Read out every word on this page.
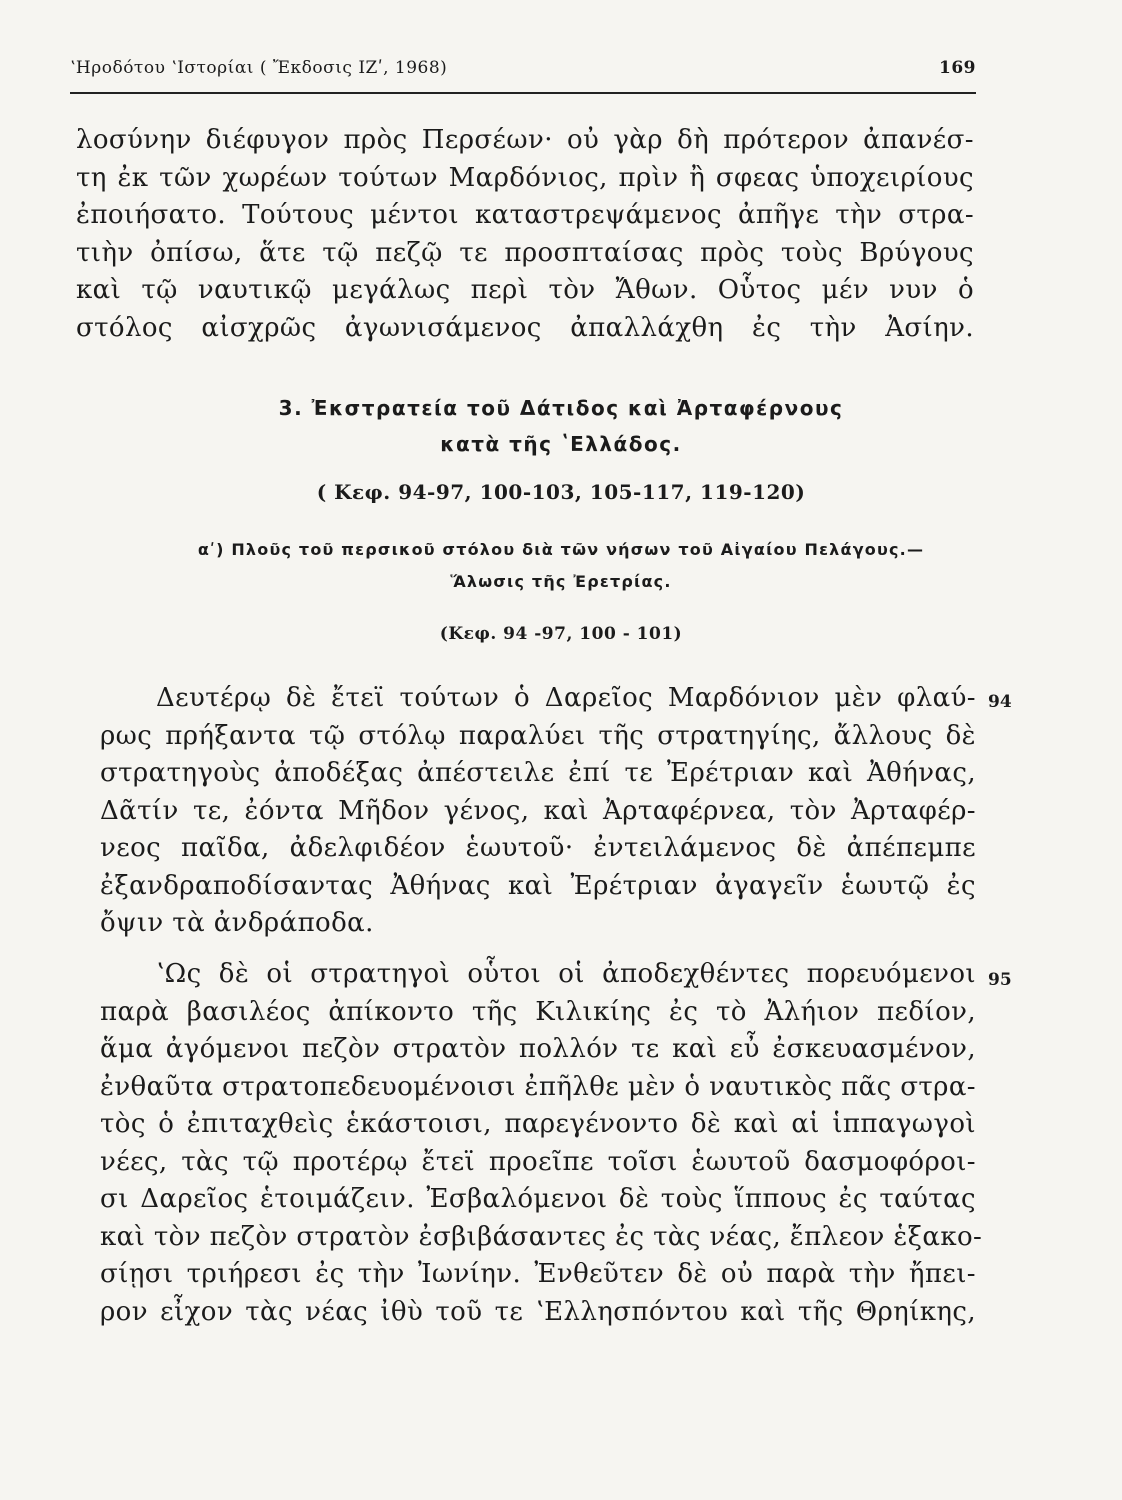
ʽΗροδότου ʽΙστορίαι ( Ἔκδοσις ΙΖʹ, 1968)	169
λοσύνην διέφυγον πρὸς Περσέων· οὐ γὰρ δὴ πρότερον ἀπανέσ-
τη ἐκ τῶν χωρέων τούτων Μαρδόνιος, πρὶν ἢ σφεας ὑποχειρίους
ἐποιήσατο. Τούτους μέντοι καταστρεψάμενος ἀπῆγε τὴν στρα-
τιὴν ὀπίσω, ἅτε τῷ πεζῷ τε προσπταίσας πρὸς τοὺς Βρύγους
καὶ τῷ ναυτικῷ μεγάλως περὶ τὸν Ἄθων. Οὗτος μέν νυν ὁ
στόλος αἰσχρῶς ἀγωνισάμενος ἀπαλλάχθη ἐς τὴν Ἀσίην.
3. Ἐκστρατεία τοῦ Δάτιδος καὶ Ἀρταφέρνους
κατὰ τῆς ʽΕλλάδος.
( Κεφ. 94-97, 100-103, 105-117, 119-120)
αʹ) Πλοῦς τοῦ περσικοῦ στόλου διὰ τῶν νήσων τοῦ Αἰγαίου Πελάγους.—
Ἅλωσις τῆς Ἐρετρίας.
(Κεφ. 94 -97, 100 - 101)
Δευτέρῳ δὲ ἔτεϊ τούτων ὁ Δαρεῖος Μαρδόνιον μὲν φλαύ-
ρως πρήξαντα τῷ στόλῳ παραλύει τῆς στρατηγίης, ἄλλους δὲ
στρατηγοὺς ἀποδέξας ἀπέστειλε ἐπί τε Ἐρέτριαν καὶ Ἀθήνας,
Δᾶτίν τε, ἐόντα Μῆδον γένος, καὶ Ἀρταφέρνεα, τὸν Ἀρταφέρ-
νεος παῖδα, ἀδελφιδέον ἑωυτοῦ· ἐντειλάμενος δὲ ἀπέπεμπε
ἐξανδραποδίσαντας Ἀθήνας καὶ Ἐρέτριαν ἀγαγεῖν ἑωυτῷ ἐς
ὄψιν τὰ ἀνδράποδα.
94
ʽΩς δὲ οἱ στρατηγοὶ οὗτοι οἱ ἀποδεχθέντες πορευόμενοι
παρὰ βασιλέος ἀπίκοντο τῆς Κιλικίης ἐς τὸ Ἀλήιον πεδίον,
ἅμα ἀγόμενοι πεζὸν στρατὸν πολλόν τε καὶ εὖ ἐσκευασμένον,
ἐνθαῦτα στρατοπεδευομένοισι ἐπῆλθε μὲν ὁ ναυτικὸς πᾶς στρα-
τὸς ὁ ἐπιταχθεὶς ἑκάστοισι, παρεγένοντο δὲ καὶ αἱ ἱππαγωγοὶ
νέες, τὰς τῷ προτέρῳ ἔτεϊ προεῖπε τοῖσι ἑωυτοῦ δασμοφόροι-
σι Δαρεῖος ἑτοιμάζειν. Ἐσβαλόμενοι δὲ τοὺς ἵππους ἐς ταύτας
καὶ τὸν πεζὸν στρατὸν ἐσβιβάσαντες ἐς τὰς νέας, ἔπλεον ἑξακο-
σίῃσι τριήρεσι ἐς τὴν Ἰωνίην. Ἐνθεῦτεν δὲ οὐ παρὰ τὴν ἤπει-
ρον εἶχον τὰς νέας ἰθὺ τοῦ τε ʽΕλλησπόντου καὶ τῆς Θρηίκης,
95
